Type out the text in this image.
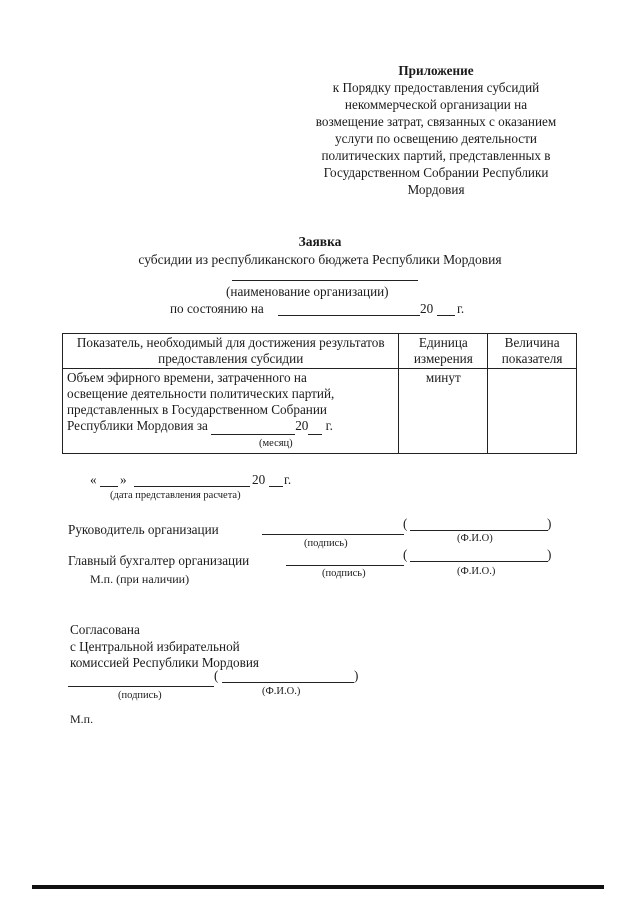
Приложение
к Порядку предоставления субсидий
некоммерческой организации на
возмещение затрат, связанных с оказанием
услуги по освещению деятельности
политических партий, представленных в
Государственном Собрании Республики
Мордовия
Заявка
субсидии из республиканского бюджета Республики Мордовия
(наименование организации)
по состоянию на	20 г.
Показатель, необходимый для достижения результатов предоставления субсидии	Единица измерения	Величина показателя

Объем эфирного времени, затраченного на
освещение деятельности политических партий,
представленных в Государственном Собрании
Республики Мордовия за 20 г.
(месяц)	минут	
« »	20 г.
(дата представления расчета)
Руководитель организации	(	)
(подпись)	(Ф.И.О)
Главный бухгалтер организации	(	)
(подпись)	(Ф.И.О.)
М.п. (при наличии)
Согласована
с Центральной избирательной
комиссией Республики Мордовия
(	)
(подпись)	(Ф.И.О.)
М.п.
